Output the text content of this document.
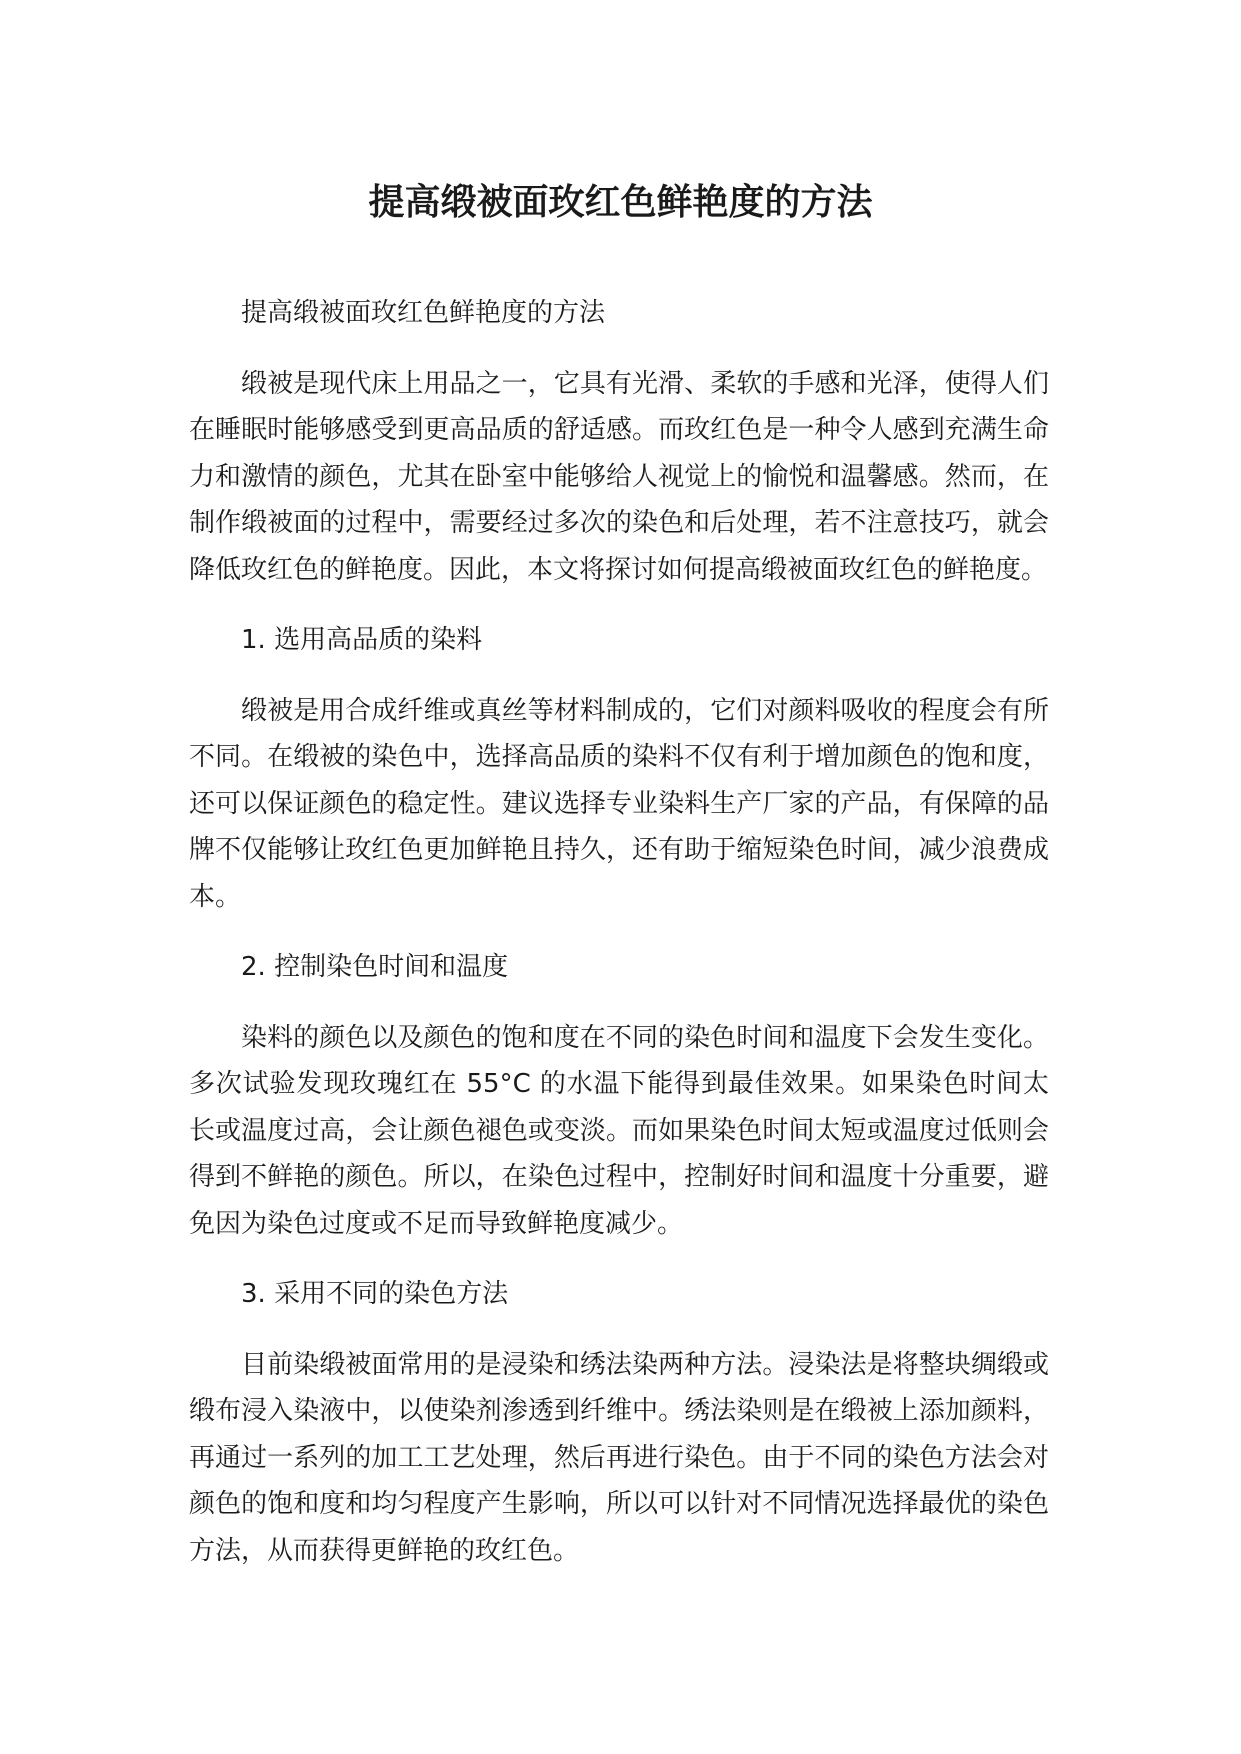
提高缎被面玫红色鲜艳度的方法

提高缎被面玫红色鲜艳度的方法

缎被是现代床上用品之一，它具有光滑、柔软的手感和光泽，使得人们在睡眠时能够感受到更高品质的舒适感。而玫红色是一种令人感到充满生命力和激情的颜色，尤其在卧室中能够给人视觉上的愉悦和温馨感。然而，在制作缎被面的过程中，需要经过多次的染色和后处理，若不注意技巧，就会降低玫红色的鲜艳度。因此，本文将探讨如何提高缎被面玫红色的鲜艳度。

1. 选用高品质的染料

缎被是用合成纤维或真丝等材料制成的，它们对颜料吸收的程度会有所不同。在缎被的染色中，选择高品质的染料不仅有利于增加颜色的饱和度，还可以保证颜色的稳定性。建议选择专业染料生产厂家的产品，有保障的品牌不仅能够让玫红色更加鲜艳且持久，还有助于缩短染色时间，减少浪费成本。

2. 控制染色时间和温度

染料的颜色以及颜色的饱和度在不同的染色时间和温度下会发生变化。多次试验发现玫瑰红在 55°C 的水温下能得到最佳效果。如果染色时间太长或温度过高，会让颜色褪色或变淡。而如果染色时间太短或温度过低则会得到不鲜艳的颜色。所以，在染色过程中，控制好时间和温度十分重要，避免因为染色过度或不足而导致鲜艳度减少。

3. 采用不同的染色方法

目前染缎被面常用的是浸染和绣法染两种方法。浸染法是将整块绸缎或缎布浸入染液中，以使染剂渗透到纤维中。绣法染则是在缎被上添加颜料，再通过一系列的加工工艺处理，然后再进行染色。由于不同的染色方法会对颜色的饱和度和均匀程度产生影响，所以可以针对不同情况选择最优的染色方法，从而获得更鲜艳的玫红色。
